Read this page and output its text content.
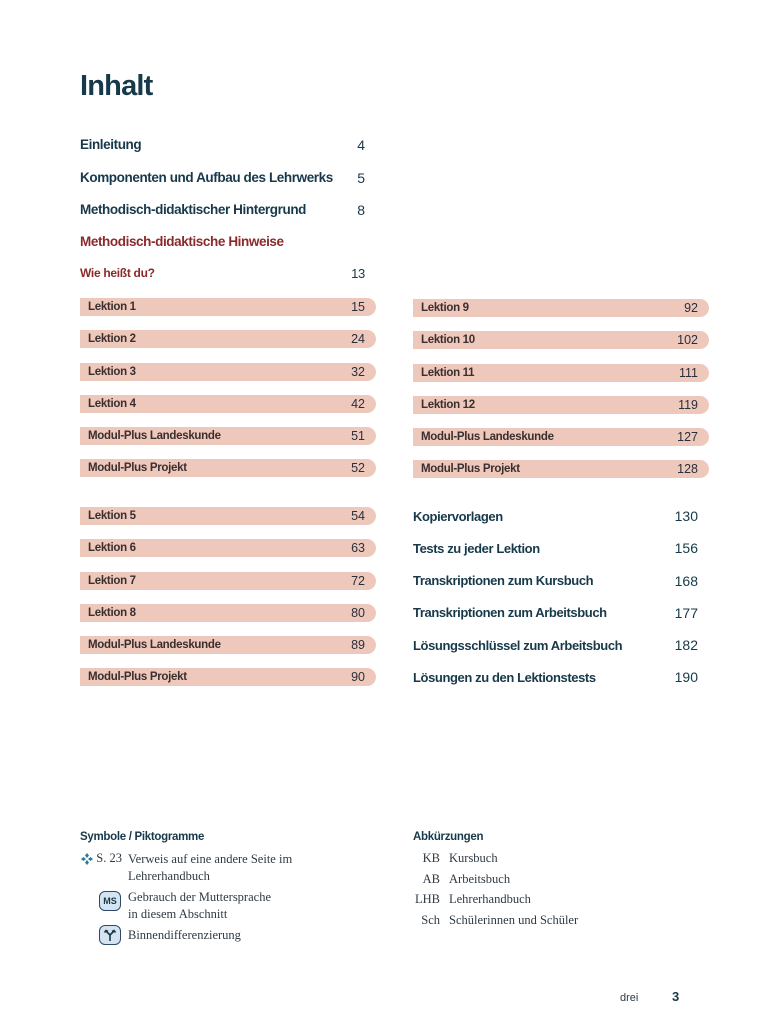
Inhalt
Einleitung	4
Komponenten und Aufbau des Lehrwerks 5
Methodisch-didaktischer Hintergrund	8
Methodisch-didaktische Hinweise
Wie heißt du?	13
Lektion 1	15
Lektion 2	24
Lektion 3	32
Lektion 4	42
Modul-Plus Landeskunde	51
Modul-Plus Projekt	52
Lektion 9	92
Lektion 10	102
Lektion 11	111
Lektion 12	119
Modul-Plus Landeskunde	127
Modul-Plus Projekt	128
Lektion 5	54
Lektion 6	63
Lektion 7	72
Lektion 8	80
Modul-Plus Landeskunde	89
Modul-Plus Projekt	90
Kopiervorlagen	130
Tests zu jeder Lektion	156
Transkriptionen zum Kursbuch	168
Transkriptionen zum Arbeitsbuch	177
Lösungsschlüssel zum Arbeitsbuch	182
Lösungen zu den Lektionstests	190
Symbole / Piktogramme
S. 23 Verweis auf eine andere Seite im
Lehrerhandbuch
MS Gebrauch der Muttersprache
in diesem Abschnitt
Binnendifferenzierung
Abkürzungen
KB Kursbuch
AB Arbeitsbuch
LHB Lehrerhandbuch
Sch Schülerinnen und Schüler
drei	3
